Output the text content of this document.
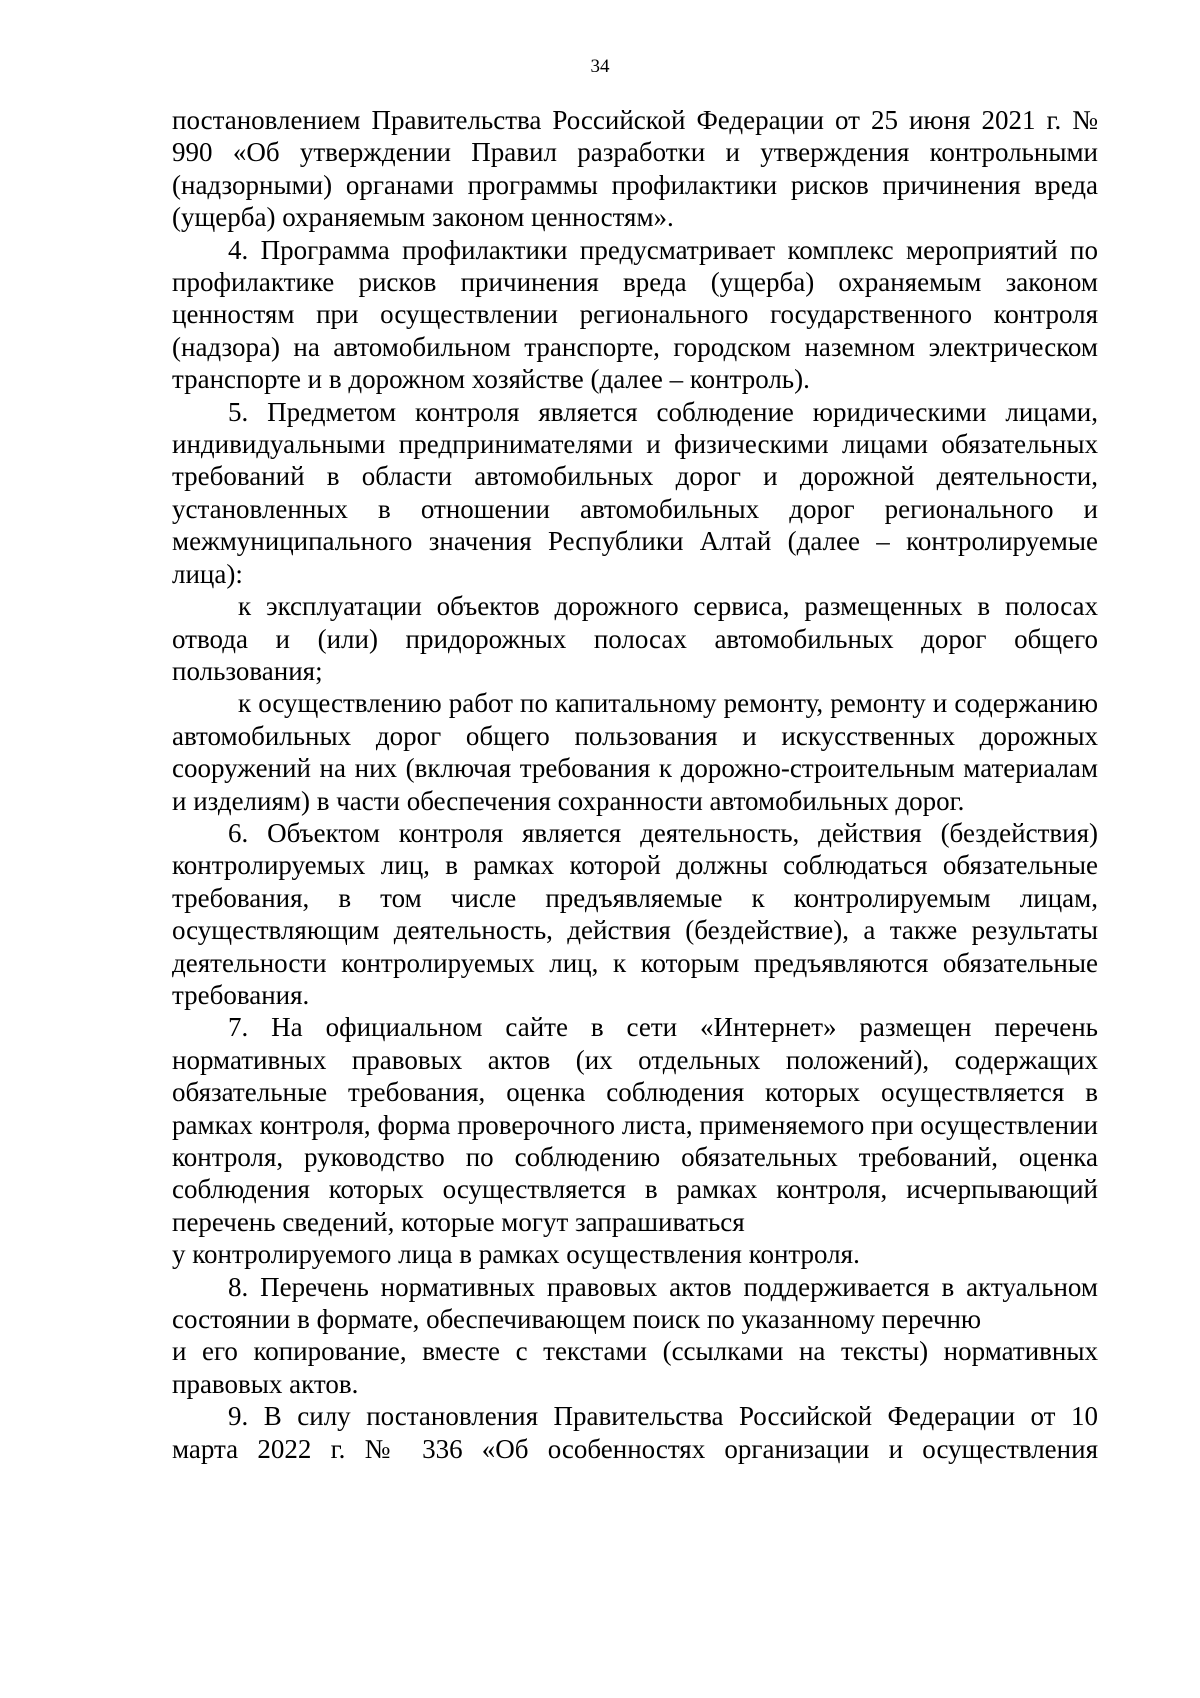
34

постановлением Правительства Российской Федерации от 25 июня 2021 г. № 990 «Об утверждении Правил разработки и утверждения контрольными (надзорными) органами программы профилактики рисков причинения вреда (ущерба) охраняемым законом ценностям».

4. Программа профилактики предусматривает комплекс мероприятий по профилактике рисков причинения вреда (ущерба) охраняемым законом ценностям при осуществлении регионального государственного контроля (надзора) на автомобильном транспорте, городском наземном электрическом транспорте и в дорожном хозяйстве (далее – контроль).

5. Предметом контроля является соблюдение юридическими лицами, индивидуальными предпринимателями и физическими лицами обязательных требований в области автомобильных дорог и дорожной деятельности, установленных в отношении автомобильных дорог регионального и межмуниципального значения Республики Алтай (далее – контролируемые лица):

к эксплуатации объектов дорожного сервиса, размещенных в полосах отвода и (или) придорожных полосах автомобильных дорог общего пользования;

к осуществлению работ по капитальному ремонту, ремонту и содержанию автомобильных дорог общего пользования и искусственных дорожных сооружений на них (включая требования к дорожно-строительным материалам и изделиям) в части обеспечения сохранности автомобильных дорог.

6. Объектом контроля является деятельность, действия (бездействия) контролируемых лиц, в рамках которой должны соблюдаться обязательные требования, в том числе предъявляемые к контролируемым лицам, осуществляющим деятельность, действия (бездействие), а также результаты деятельности контролируемых лиц, к которым предъявляются обязательные требования.

7. На официальном сайте в сети «Интернет» размещен перечень нормативных правовых актов (их отдельных положений), содержащих обязательные требования, оценка соблюдения которых осуществляется в рамках контроля, форма проверочного листа, применяемого при осуществлении контроля, руководство по соблюдению обязательных требований, оценка соблюдения которых осуществляется в рамках контроля, исчерпывающий перечень сведений, которые могут запрашиваться

у контролируемого лица в рамках осуществления контроля.

8. Перечень нормативных правовых актов поддерживается в актуальном состоянии в формате, обеспечивающем поиск по указанному перечню

и его копирование, вместе с текстами (ссылками на тексты) нормативных правовых актов.

9. В силу постановления Правительства Российской Федерации от 10 марта 2022 г. № 336 «Об особенностях организации и осуществления
